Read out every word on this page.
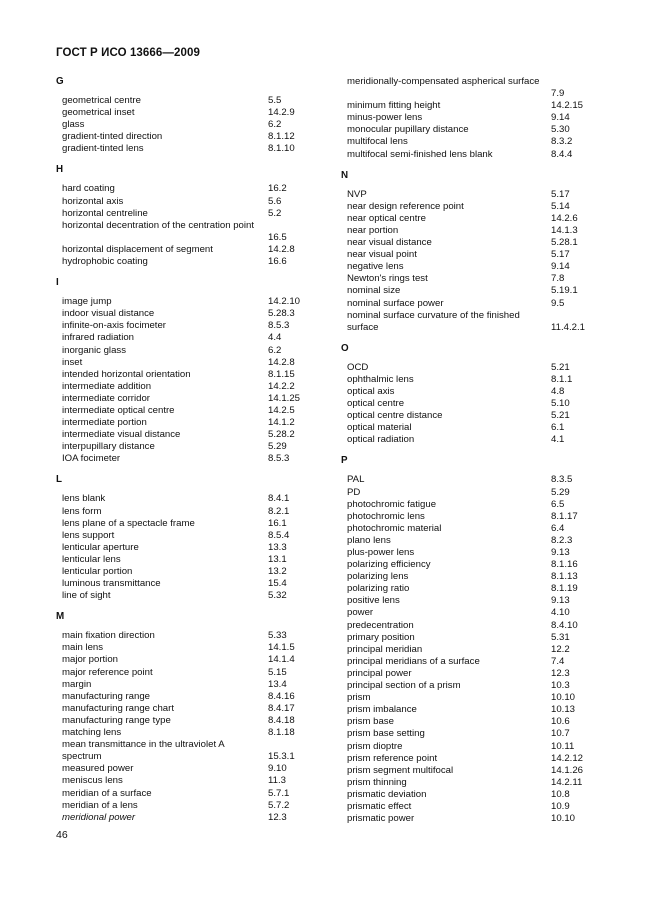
ГОСТ Р ИСО 13666—2009
G
geometrical centre	5.5
geometrical inset	14.2.9
glass	6.2
gradient-tinted direction	8.1.12
gradient-tinted lens	8.1.10
H
hard coating	16.2
horizontal axis	5.6
horizontal centreline	5.2
horizontal decentration of the centration point
16.5
horizontal displacement of segment	14.2.8
hydrophobic coating	16.6
I
image jump	14.2.10
indoor visual distance	5.28.3
infinite-on-axis focimeter	8.5.3
infrared radiation	4.4
inorganic glass	6.2
inset	14.2.8
intended horizontal orientation	8.1.15
intermediate addition	14.2.2
intermediate corridor	14.1.25
intermediate optical centre	14.2.5
intermediate portion	14.1.2
intermediate visual distance	5.28.2
interpupillary distance	5.29
IOA focimeter	8.5.3
L
lens blank	8.4.1
lens form	8.2.1
lens plane of a spectacle frame	16.1
lens support	8.5.4
lenticular aperture	13.3
lenticular lens	13.1
lenticular portion	13.2
luminous transmittance	15.4
line of sight	5.32
M
main fixation direction	5.33
main lens	14.1.5
major portion	14.1.4
major reference point	5.15
margin	13.4
manufacturing range	8.4.16
manufacturing range chart	8.4.17
manufacturing range type	8.4.18
matching lens	8.1.18
mean transmittance in the ultraviolet A spectrum	15.3.1
measured power	9.10
meniscus lens	11.3
meridian of a surface	5.7.1
meridian of a lens	5.7.2
meridional power	12.3
meridionally-compensated aspherical surface
7.9
minimum fitting height	14.2.15
minus-power lens	9.14
monocular pupillary distance	5.30
multifocal lens	8.3.2
multifocal semi-finished lens blank	8.4.4
N
NVP	5.17
near design reference point	5.14
near optical centre	14.2.6
near portion	14.1.3
near visual distance	5.28.1
near visual point	5.17
negative lens	9.14
Newton's rings test	7.8
nominal size	5.19.1
nominal surface power	9.5
nominal surface curvature of the finished surface	11.4.2.1
O
OCD	5.21
ophthalmic lens	8.1.1
optical axis	4.8
optical centre	5.10
optical centre distance	5.21
optical material	6.1
optical radiation	4.1
P
PAL	8.3.5
PD	5.29
photochromic fatigue	6.5
photochromic lens	8.1.17
photochromic material	6.4
plano lens	8.2.3
plus-power lens	9.13
polarizing efficiency	8.1.16
polarizing lens	8.1.13
polarizing ratio	8.1.19
positive lens	9.13
power	4.10
predecentration	8.4.10
primary position	5.31
principal meridian	12.2
principal meridians of a surface	7.4
principal power	12.3
principal section of a prism	10.3
prism	10.10
prism imbalance	10.13
prism base	10.6
prism base setting	10.7
prism dioptre	10.11
prism reference point	14.2.12
prism segment multifocal	14.1.26
prism thinning	14.2.11
prismatic deviation	10.8
prismatic effect	10.9
prismatic power	10.10
46
